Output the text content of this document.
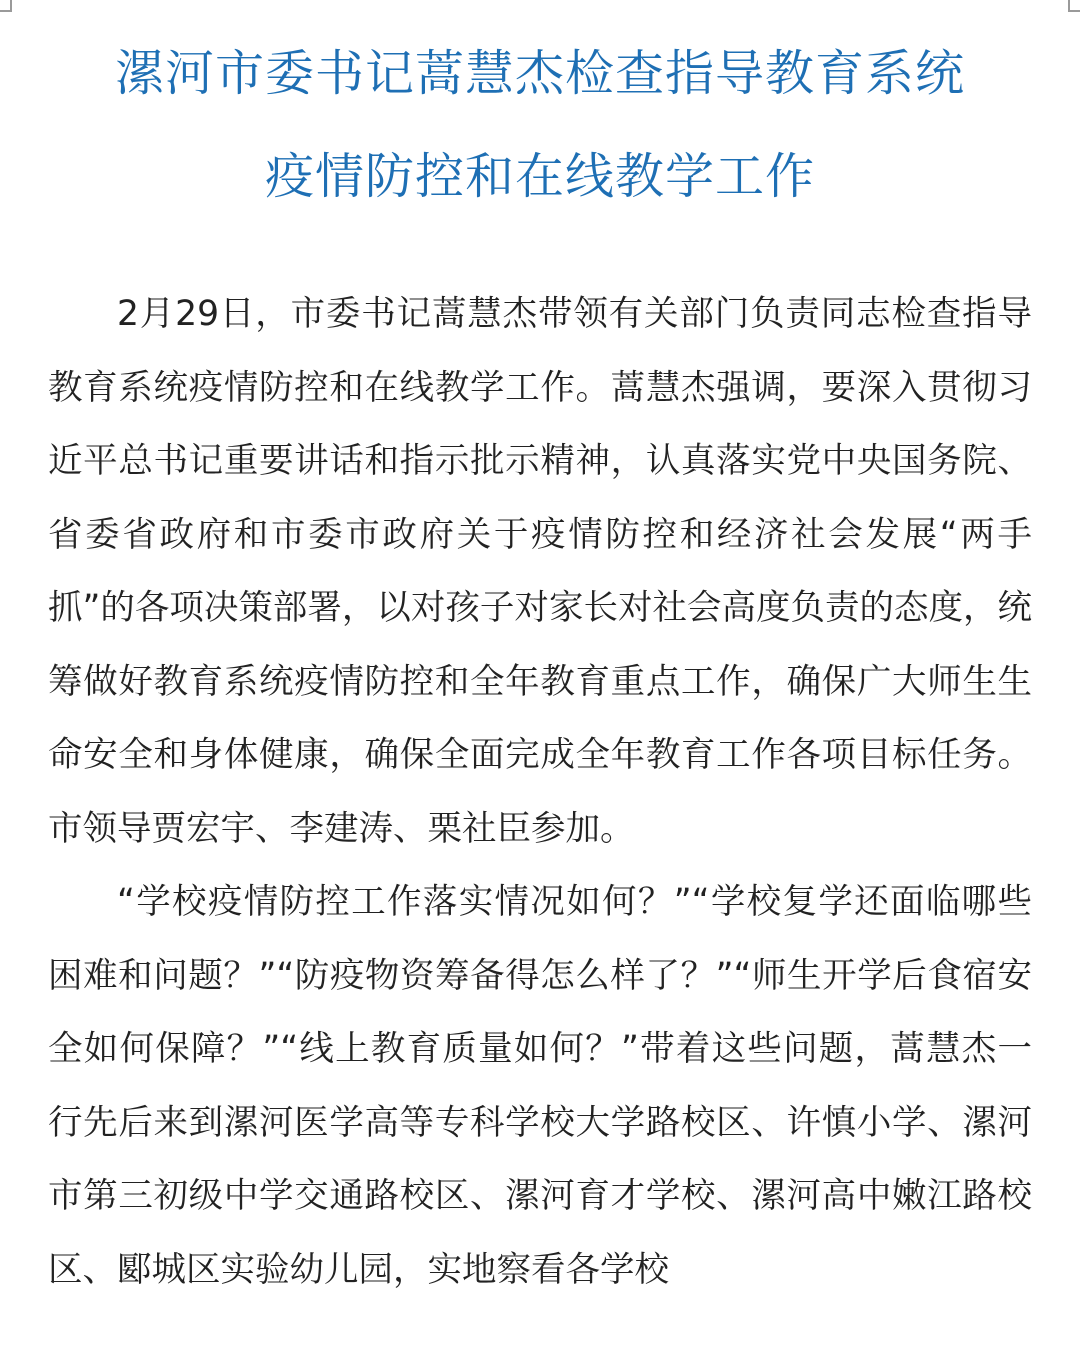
漯河市委书记蒿慧杰检查指导教育系统
疫情防控和在线教学工作

2月29日，市委书记蒿慧杰带领有关部门负责同志检查指导教育系统疫情防控和在线教学工作。蒿慧杰强调，要深入贯彻习近平总书记重要讲话和指示批示精神，认真落实党中央国务院、省委省政府和市委市政府关于疫情防控和经济社会发展“两手抓”的各项决策部署，以对孩子对家长对社会高度负责的态度，统筹做好教育系统疫情防控和全年教育重点工作，确保广大师生生命安全和身体健康，确保全面完成全年教育工作各项目标任务。市领导贾宏宇、李建涛、栗社臣参加。

“学校疫情防控工作落实情况如何？”“学校复学还面临哪些困难和问题？”“防疫物资筹备得怎么样了？”“师生开学后食宿安全如何保障？”“线上教育质量如何？”带着这些问题，蒿慧杰一行先后来到漯河医学高等专科学校大学路校区、许慎小学、漯河市第三初级中学交通路校区、漯河育才学校、漯河高中嫩江路校区、郾城区实验幼儿园，实地察看各学校
